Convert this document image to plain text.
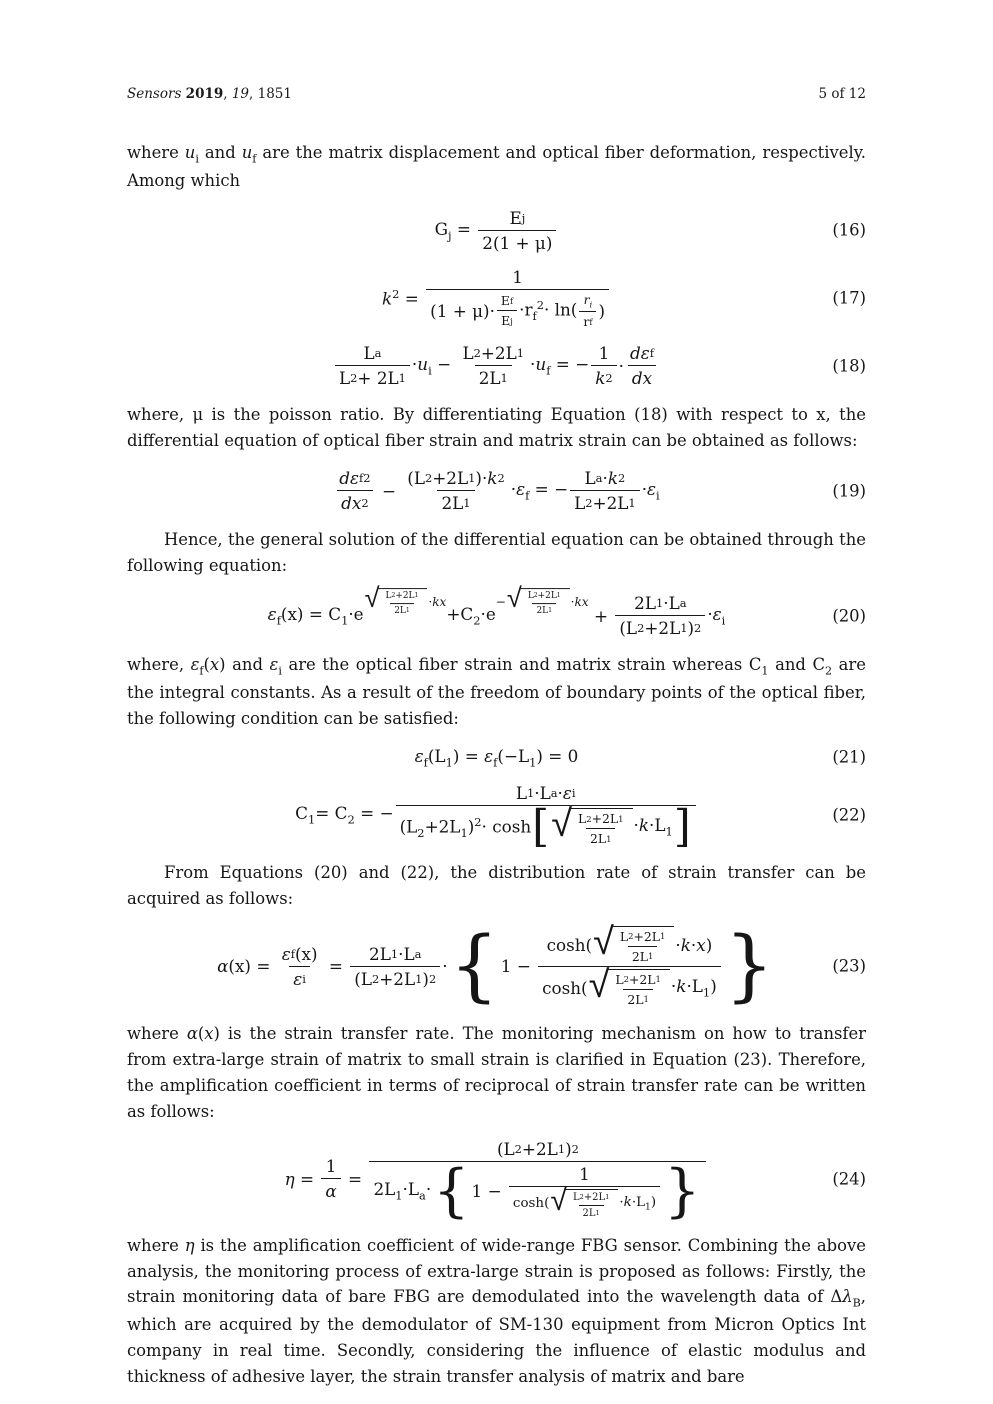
Sensors 2019, 19, 1851	5 of 12

where $u_i$ and $u_f$ are the matrix displacement and optical fiber deformation, respectively. Among which

$G_j = \frac{\text{E j}}{2(1 + \mu)}$	(16)
$k^2$ =
1
$(1 + \mu)\cdot \frac{\text{E f}}{\text{E j}} \cdot r_f^2\cdot \ln( \frac{r_i}{\text{r f}}$ )
(17)
$\frac{\text{L a}}{L 2 + 2L 1} \cdot u_i - \frac{L 2 +2L 1}{2L 1} \cdot u_f$ = − $\frac{1}{k 2} \cdot \frac{\text{dε f}}{dx}$	(18)

where, μ is the poisson ratio. By differentiating Equation (18) with respect to x, the differential equation of optical fiber strain and matrix strain can be obtained as follows:

$\frac{\text{dε f 2}}{dx 2} - \frac{(L 2 +2L 1 )\cdot k 2}{2L 1} \cdot\varepsilon_f$ = − $\frac{\text{L a · k 2}}{L 2 +2L 1} \cdot\varepsilon_i$	(19)

Hence, the general solution of the differential equation can be obtained through the following equation:

$\varepsilon_f(x) = C_1\cdot e$
√ $\frac{L 2 +2L 1}{2L 1} \cdot kx$
$+C_2\cdot e$
− √ $\frac{L 2 +2L 1}{2L 1} \cdot kx$
+ $\frac{\text{2L 1 ·L a}}{(L 2 +2L 1 ) 2} \cdot\varepsilon_i$	(20)

where, $\varepsilon_f(x)$ and $\varepsilon_i$ are the optical fiber strain and matrix strain whereas $C_1$ and $C_2$ are the integral constants. As a result of the freedom of boundary points of the optical fiber, the following condition can be satisfied:

$\varepsilon_f(L_1) = \varepsilon_f(-L_1) = 0$	(21)
$C_1= C_2$ = −
L 1 ·L a · ε i
$(L_2+2L_1)^2\cdot \cosh$ [ √ $\frac{L 2 +2L 1}{2L 1} \cdot k\cdot L_1$ ]	(22)

From Equations (20) and (22), the distribution rate of strain transfer can be acquired as follows:

$\alpha(x) = \frac{\text{ε f (x)}}{\text{ε i}} = \frac{\text{2L 1 ·L a}}{(L 2 +2L 1 ) 2}$ · { 1 −
cosh( √ $\frac{L 2 +2L 1}{2L 1} \cdot k\cdot x$)
cosh( √ $\frac{L 2 +2L 1}{2L 1} \cdot k\cdot L_1$) }	(23)

where α(x) is the strain transfer rate. The monitoring mechanism on how to transfer from extra-large strain of matrix to small strain is clarified in Equation (23). Therefore, the amplification coefficient in terms of reciprocal of strain transfer rate can be written as follows:

$\eta = \frac{1}{\alpha}$ =
(L 2 +2L 1 ) 2
$2L_1\cdot L_a\cdot$ { 1 −
1
cosh( √ $\frac{L 2 +2L 1}{2L 1} \cdot k\cdot L_1$) }	(24)

where η is the amplification coefficient of wide-range FBG sensor. Combining the above analysis, the monitoring process of extra-large strain is proposed as follows: Firstly, the strain monitoring data of bare FBG are demodulated into the wavelength data of $\Delta\lambda_B$, which are acquired by the demodulator of SM-130 equipment from Micron Optics Int company in real time. Secondly, considering the influence of elastic modulus and thickness of adhesive layer, the strain transfer analysis of matrix and bare
